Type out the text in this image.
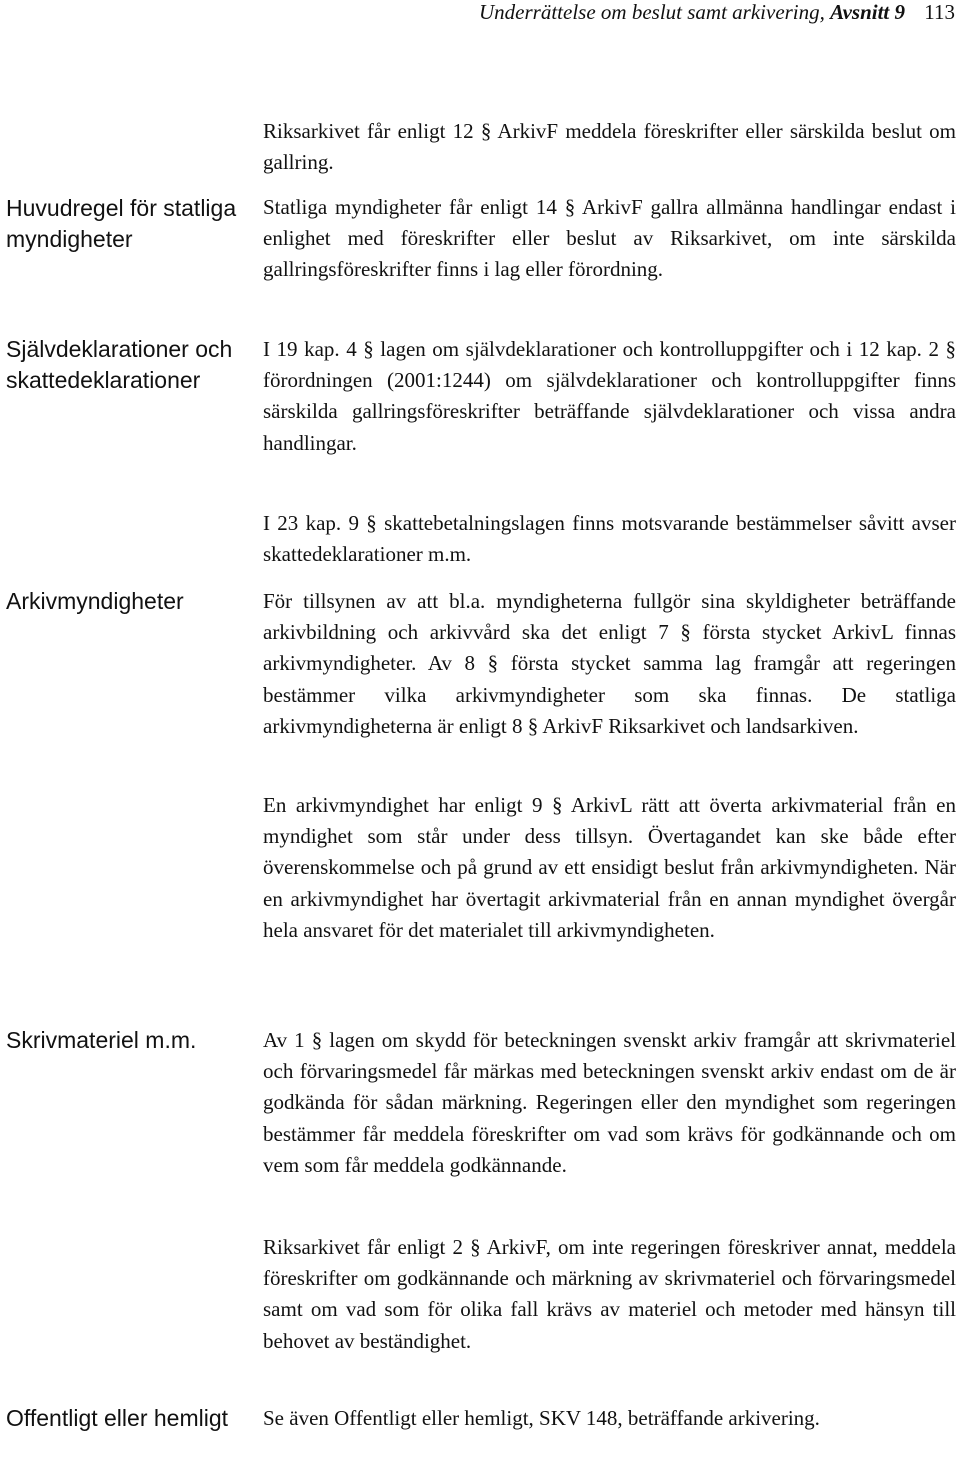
Underrättelse om beslut samt arkivering, Avsnitt 9 113
Huvudregel för statliga myndigheter
Självdeklarationer och skattedeklarationer
Arkivmyndigheter
Skrivmateriel m.m.
Offentligt eller hemligt
Riksarkivet får enligt 12 § ArkivF meddela föreskrifter eller särskilda beslut om gallring.
Statliga myndigheter får enligt 14 § ArkivF gallra allmänna handlingar endast i enlighet med föreskrifter eller beslut av Riksarkivet, om inte särskilda gallringsföreskrifter finns i lag eller förordning.
I 19 kap. 4 § lagen om självdeklarationer och kontrolluppgifter och i 12 kap. 2 § förordningen (2001:1244) om självdeklarationer och kontrolluppgifter finns särskilda gallringsföreskrifter beträffande självdeklarationer och vissa andra handlingar.
I 23 kap. 9 § skattebetalningslagen finns motsvarande bestämmelser såvitt avser skattedeklarationer m.m.
För tillsynen av att bl.a. myndigheterna fullgör sina skyldigheter beträffande arkivbildning och arkivvård ska det enligt 7 § första stycket ArkivL finnas arkivmyndigheter. Av 8 § första stycket samma lag framgår att regeringen bestämmer vilka arkivmyndigheter som ska finnas. De statliga arkivmyndigheterna är enligt 8 § ArkivF Riksarkivet och landsarkiven.
En arkivmyndighet har enligt 9 § ArkivL rätt att överta arkivmaterial från en myndighet som står under dess tillsyn. Övertagandet kan ske både efter överenskommelse och på grund av ett ensidigt beslut från arkivmyndigheten. När en arkivmyndighet har övertagit arkivmaterial från en annan myndighet övergår hela ansvaret för det materialet till arkivmyndigheten.
Av 1 § lagen om skydd för beteckningen svenskt arkiv framgår att skrivmateriel och förvaringsmedel får märkas med beteckningen svenskt arkiv endast om de är godkända för sådan märkning. Regeringen eller den myndighet som regeringen bestämmer får meddela föreskrifter om vad som krävs för godkännande och om vem som får meddela godkännande.
Riksarkivet får enligt 2 § ArkivF, om inte regeringen föreskriver annat, meddela föreskrifter om godkännande och märkning av skrivmateriel och förvaringsmedel samt om vad som för olika fall krävs av materiel och metoder med hänsyn till behovet av beständighet.
Se även Offentligt eller hemligt, SKV 148, beträffande arkivering.
